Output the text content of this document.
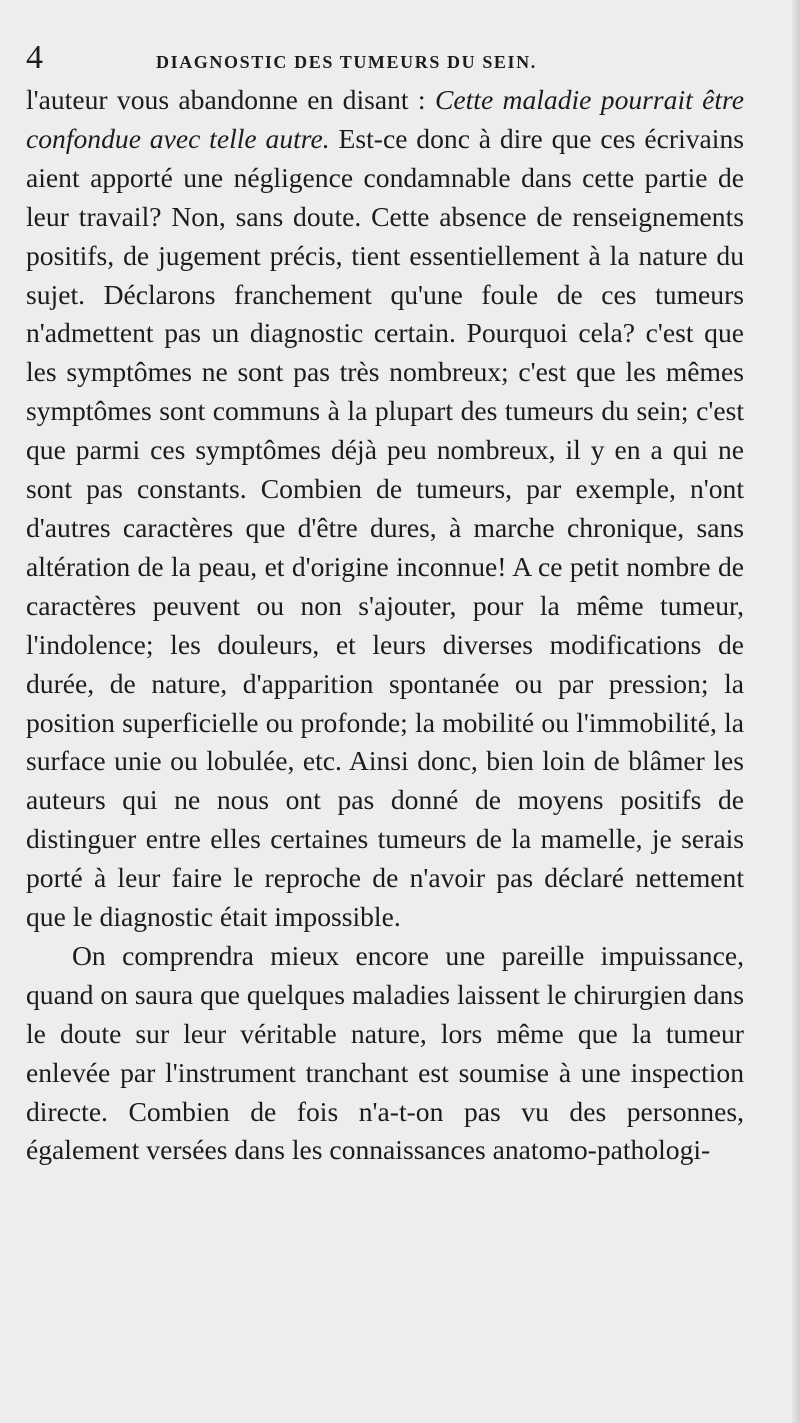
4	DIAGNOSTIC DES TUMEURS DU SEIN.

l'auteur vous abandonne en disant : Cette maladie pourrait être confondue avec telle autre. Est-ce donc à dire que ces écrivains aient apporté une négligence condamnable dans cette partie de leur travail? Non, sans doute. Cette absence de renseignements positifs, de jugement précis, tient essentiellement à la nature du sujet. Déclarons franchement qu'une foule de ces tumeurs n'admettent pas un diagnostic certain. Pourquoi cela? c'est que les symptômes ne sont pas très nombreux; c'est que les mêmes symptômes sont communs à la plupart des tumeurs du sein; c'est que parmi ces symptômes déjà peu nombreux, il y en a qui ne sont pas constants. Combien de tumeurs, par exemple, n'ont d'autres caractères que d'être dures, à marche chronique, sans altération de la peau, et d'origine inconnue! A ce petit nombre de caractères peuvent ou non s'ajouter, pour la même tumeur, l'indolence; les douleurs, et leurs diverses modifications de durée, de nature, d'apparition spontanée ou par pression; la position superficielle ou profonde; la mobilité ou l'immobilité, la surface unie ou lobulée, etc. Ainsi donc, bien loin de blâmer les auteurs qui ne nous ont pas donné de moyens positifs de distinguer entre elles certaines tumeurs de la mamelle, je serais porté à leur faire le reproche de n'avoir pas déclaré nettement que le diagnostic était impossible.

On comprendra mieux encore une pareille impuissance, quand on saura que quelques maladies laissent le chirurgien dans le doute sur leur véritable nature, lors même que la tumeur enlevée par l'instrument tranchant est soumise à une inspection directe. Combien de fois n'a-t-on pas vu des personnes, également versées dans les connaissances anatomo-pathologi-
